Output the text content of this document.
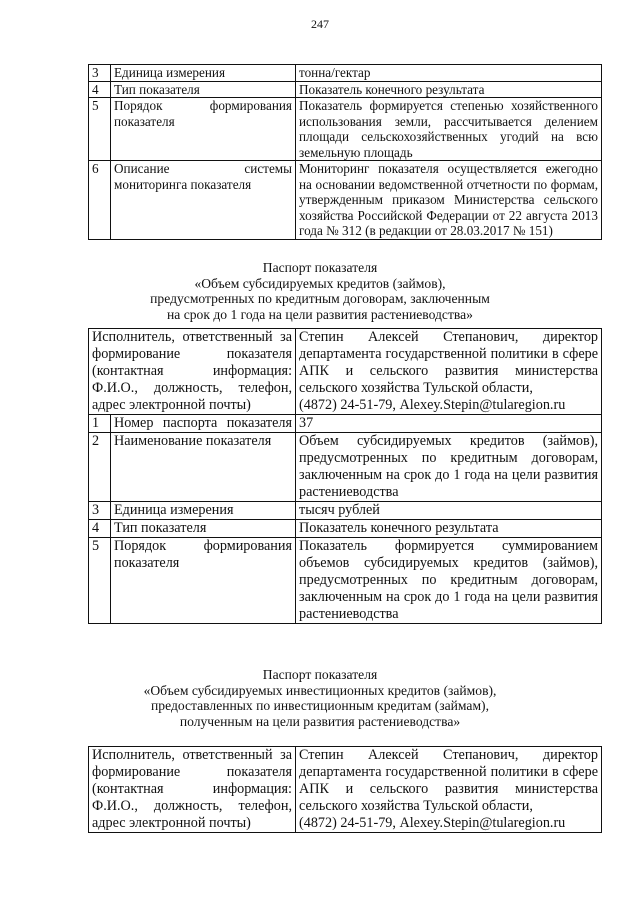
247
3	Единица измерения	тонна/гектар
4	Тип показателя	Показатель конечного результата
5	Порядок формирования показателя	Показатель формируется степенью хозяйственного использования земли, рассчитывается делением площади сельскохозяйственных угодий на всю земельную площадь
6	Описание системы мониторинга показателя	Мониторинг показателя осуществляется ежегодно на основании ведомственной отчетности по формам, утвержденным приказом Министерства сельского хозяйства Российской Федерации от 22 августа 2013 года № 312 (в редакции от 28.03.2017 № 151)
Паспорт показателя
«Объем субсидируемых кредитов (займов),
предусмотренных по кредитным договорам, заключенным
на срок до 1 года на цели развития растениеводства»
Исполнитель, ответственный за формирование показателя (контактная информация: Ф.И.О., должность, телефон, адрес электронной почты)		Степин Алексей Степанович, директор департамента государственной политики в сфере АПК и сельского развития министерства сельского хозяйства Тульской области,
(4872) 24-51-79, Alexey.Stepin@tularegion.ru
1	Номер паспорта показателя	37
2	Наименование показателя	Объем субсидируемых кредитов (займов), предусмотренных по кредитным договорам, заключенным на срок до 1 года на цели развития растениеводства
3	Единица измерения	тысяч рублей
4	Тип показателя	Показатель конечного результата
5	Порядок формирования показателя	Показатель формируется суммированием объемов субсидируемых кредитов (займов), предусмотренных по кредитным договорам, заключенным на срок до 1 года на цели развития растениеводства
Паспорт показателя
«Объем субсидируемых инвестиционных кредитов (займов),
предоставленных по инвестиционным кредитам (займам),
полученным на цели развития растениеводства»
Исполнитель, ответственный за формирование показателя (контактная информация: Ф.И.О., должность, телефон, адрес электронной почты)	Степин Алексей Степанович, директор департамента государственной политики в сфере АПК и сельского развития министерства сельского хозяйства Тульской области,
(4872) 24-51-79, Alexey.Stepin@tularegion.ru
